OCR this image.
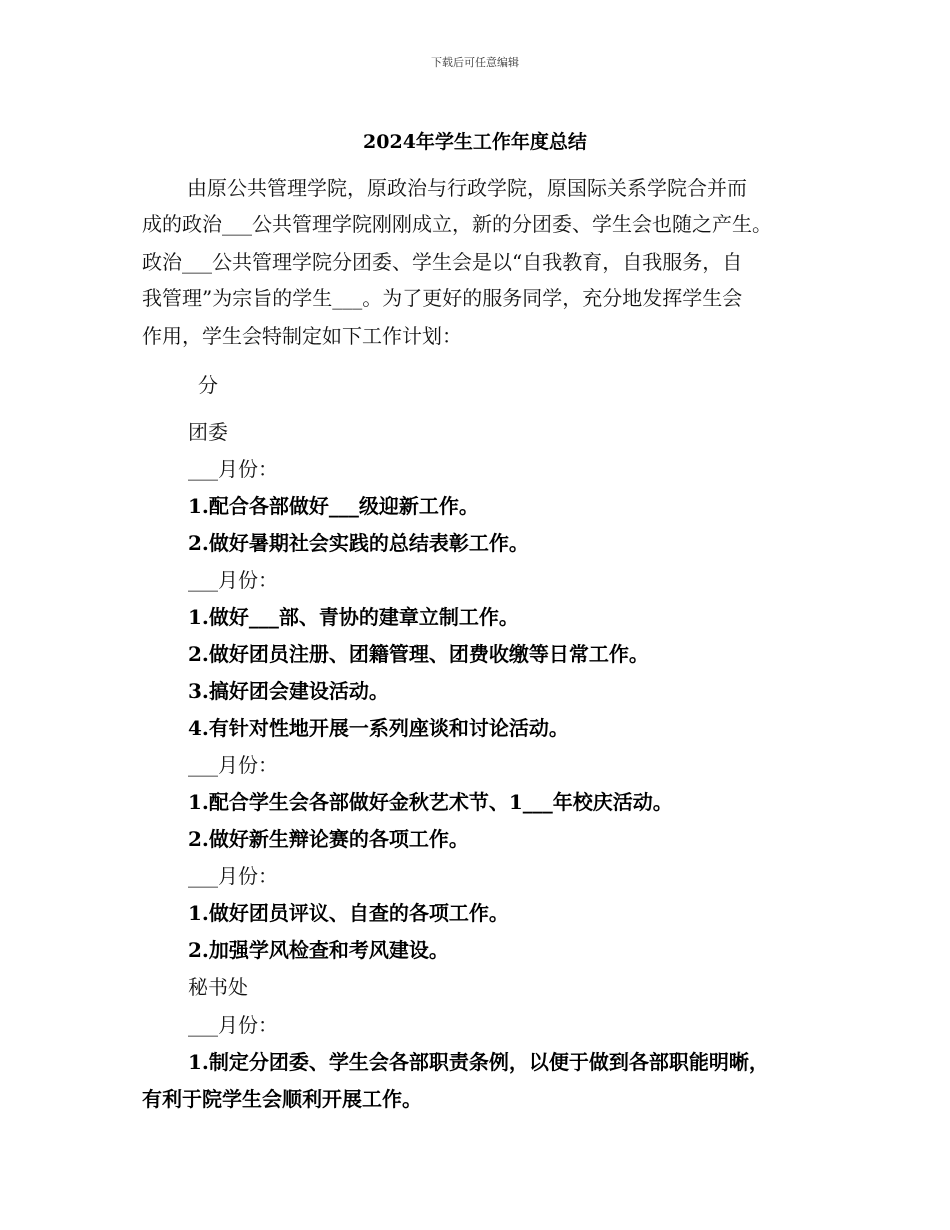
下载后可任意编辑
2024年学生工作年度总结
由原公共管理学院，原政治与行政学院，原国际关系学院合并而
成的政治___公共管理学院刚刚成立，新的分团委、学生会也随之产生。
政治___公共管理学院分团委、学生会是以“自我教育，自我服务，自
我管理”为宗旨的学生___。为了更好的服务同学，充分地发挥学生会
作用，学生会特制定如下工作计划：
分
团委
___月份：
1.配合各部做好___级迎新工作。
2.做好暑期社会实践的总结表彰工作。
___月份：
1.做好___部、青协的建章立制工作。
2.做好团员注册、团籍管理、团费收缴等日常工作。
3.搞好团会建设活动。
4.有针对性地开展一系列座谈和讨论活动。
___月份：
1.配合学生会各部做好金秋艺术节、1___年校庆活动。
2.做好新生辩论赛的各项工作。
___月份：
1.做好团员评议、自查的各项工作。
2.加强学风检查和考风建设。
秘书处
___月份：
1.制定分团委、学生会各部职责条例，以便于做到各部职能明晰，
有利于院学生会顺利开展工作。
